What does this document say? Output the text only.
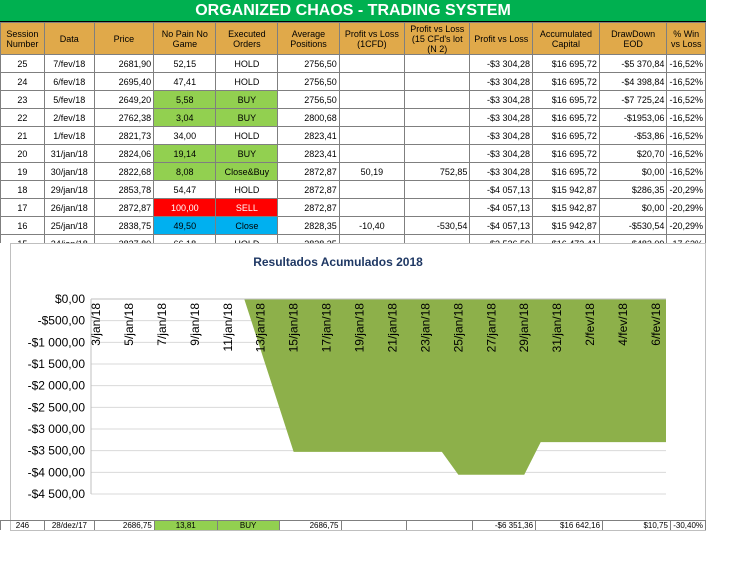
ORGANIZED CHAOS - TRADING SYSTEM
Session Number	Data	Price	No Pain No Game	Executed Orders	Average Positions	Profit vs Loss (1CFD)	Profit vs Loss (15 CFd's lot (N 2)	Profit vs Loss	Accumulated Capital	DrawDown EOD	% Win vs Loss
25	7/fev/18	2681,90	52,15	HOLD	2756,50			-$3 304,28	$16 695,72	-$5 370,84	-16,52%
24	6/fev/18	2695,40	47,41	HOLD	2756,50			-$3 304,28	$16 695,72	-$4 398,84	-16,52%
23	5/fev/18	2649,20	5,58	BUY	2756,50			-$3 304,28	$16 695,72	-$7 725,24	-16,52%
22	2/fev/18	2762,38	3,04	BUY	2800,68			-$3 304,28	$16 695,72	-$1953,06	-16,52%
21	1/fev/18	2821,73	34,00	HOLD	2823,41			-$3 304,28	$16 695,72	-$53,86	-16,52%
20	31/jan/18	2824,06	19,14	BUY	2823,41			-$3 304,28	$16 695,72	$20,70	-16,52%
19	30/jan/18	2822,68	8,08	Close&Buy	2872,87	50,19	752,85	-$3 304,28	$16 695,72	$0,00	-16,52%
18	29/jan/18	2853,78	54,47	HOLD	2872,87			-$4 057,13	$15 942,87	$286,35	-20,29%
17	26/jan/18	2872,87	100,00	SELL	2872,87			-$4 057,13	$15 942,87	$0,00	-20,29%
16	25/jan/18	2838,75	49,50	Close	2828,35	-10,40	-530,54	-$4 057,13	$15 942,87	-$530,54	-20,29%

Resultados Acumulados 2018
$0,00
-$500,00
-$1 000,00
-$1 500,00
-$2 000,00
-$2 500,00
-$3 000,00
-$3 500,00
-$4 000,00
-$4 500,00
3/jan/18 5/jan/18 7/jan/18 9/jan/18 11/jan/18 13/jan/18 15/jan/18 17/jan/18 19/jan/18 21/jan/18 23/jan/18 25/jan/18 27/jan/18 29/jan/18 31/jan/18 2/fev/18 4/fev/18 6/fev/18
246	28/dez/17	2686,75	13,81	BUY	2686,75			-$6 351,36	$16 642,16	$10,75	-30,40%
